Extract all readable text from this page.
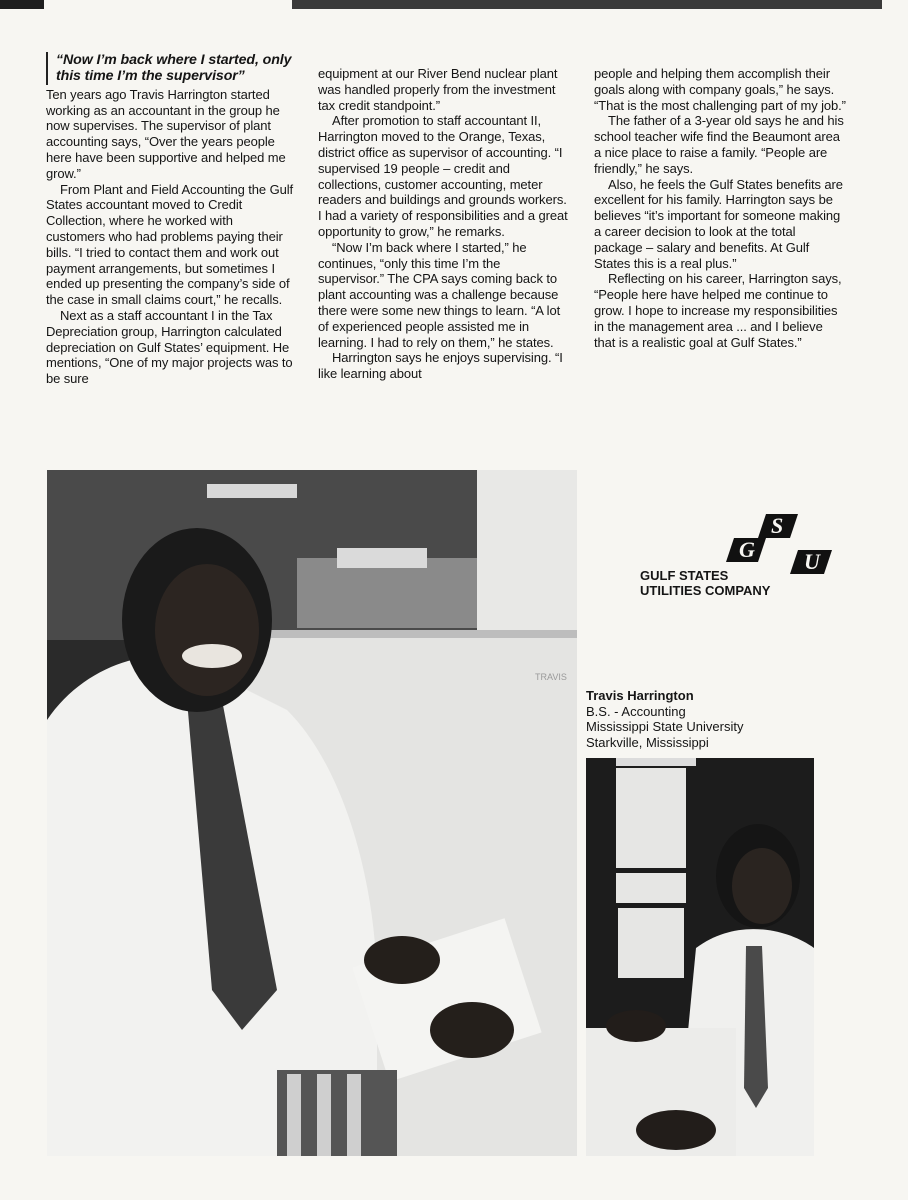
“Now I’m back where I started, only this time I’m the supervisor”

Ten years ago Travis Harrington started working as an accountant in the group he now supervises. The supervisor of plant accounting says, “Over the years people here have been supportive and helped me grow.”

From Plant and Field Accounting the Gulf States accountant moved to Credit Collection, where he worked with customers who had problems paying their bills. “I tried to contact them and work out payment arrangements, but sometimes I ended up presenting the company’s side of the case in small claims court,” he recalls.

Next as a staff accountant I in the Tax Depreciation group, Harrington calculated depreciation on Gulf States’ equipment. He mentions, “One of my major projects was to be sure

equipment at our River Bend nuclear plant was handled properly from the investment tax credit standpoint.”

After promotion to staff accountant II, Harrington moved to the Orange, Texas, district office as supervisor of accounting. “I supervised 19 people – credit and collections, customer accounting, meter readers and buildings and grounds workers. I had a variety of responsibilities and a great opportunity to grow,” he remarks.

“Now I’m back where I started,” he continues, “only this time I’m the supervisor.” The CPA says coming back to plant accounting was a challenge because there were some new things to learn. “A lot of experienced people assisted me in learning. I had to rely on them,” he states.

Harrington says he enjoys supervising. “I like learning about

people and helping them accomplish their goals along with company goals,” he says. “That is the most challenging part of my job.”

The father of a 3-year old says he and his school teacher wife find the Beaumont area a nice place to raise a family. “People are friendly,” he says.

Also, he feels the Gulf States benefits are excellent for his family. Harrington says be believes “it’s important for someone making a career decision to look at the total package – salary and benefits. At Gulf States this is a real plus.”

Reflecting on his career, Harrington says, “People here have helped me continue to grow. I hope to increase my responsibilities in the management area ... and I believe that is a realistic goal at Gulf States.”

TRAVIS
G
S
U
GULF STATES
UTILITIES COMPANY
Travis Harrington
B.S. - Accounting
Mississippi State University
Starkville, Mississippi
